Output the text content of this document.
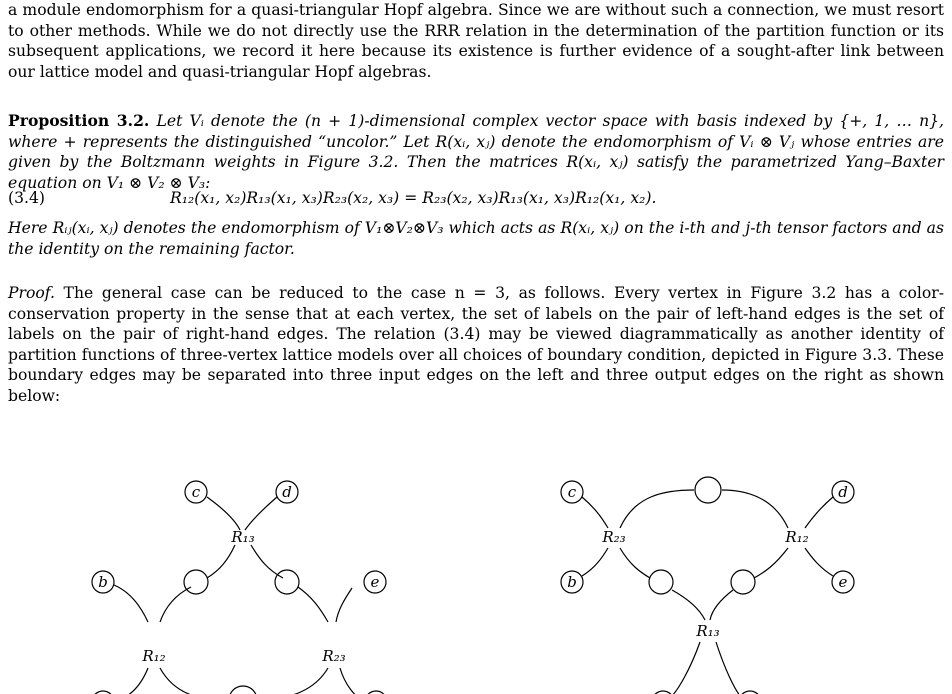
a module endomorphism for a quasi-triangular Hopf algebra. Since we are without such a connection, we must resort to other methods. While we do not directly use the RRR relation in the determination of the partition function or its subsequent applications, we record it here because its existence is further evidence of a sought-after link between our lattice model and quasi-triangular Hopf algebras.

Proposition 3.2. Let Vᵢ denote the (n + 1)-dimensional complex vector space with basis indexed by {+, 1, … n}, where + represents the distinguished “uncolor.” Let R(xᵢ, xⱼ) denote the endomorphism of Vᵢ ⊗ Vⱼ whose entries are given by the Boltzmann weights in Figure 3.2. Then the matrices R(xᵢ, xⱼ) satisfy the parametrized Yang–Baxter equation on V₁ ⊗ V₂ ⊗ V₃:

(3.4)	R₁₂(x₁, x₂)R₁₃(x₁, x₃)R₂₃(x₂, x₃) = R₂₃(x₂, x₃)R₁₃(x₁, x₃)R₁₂(x₁, x₂).

Here Rᵢⱼ(xᵢ, xⱼ) denotes the endomorphism of V₁⊗V₂⊗V₃ which acts as R(xᵢ, xⱼ) on the i-th and j-th tensor factors and as the identity on the remaining factor.

Proof. The general case can be reduced to the case n = 3, as follows. Every vertex in Figure 3.2 has a color-conservation property in the sense that at each vertex, the set of labels on the pair of left-hand edges is the set of labels on the pair of right-hand edges. The relation (3.4) may be viewed diagrammatically as another identity of partition functions of three-vertex lattice models over all choices of boundary condition, depicted in Figure 3.3. These boundary edges may be separated into three input edges on the left and three output edges on the right as shown below:

R₁₃
R₁₂	R₂₃
c	d
b	e
R₂₃	R₁₂
R₁₃
c	d
b	e
